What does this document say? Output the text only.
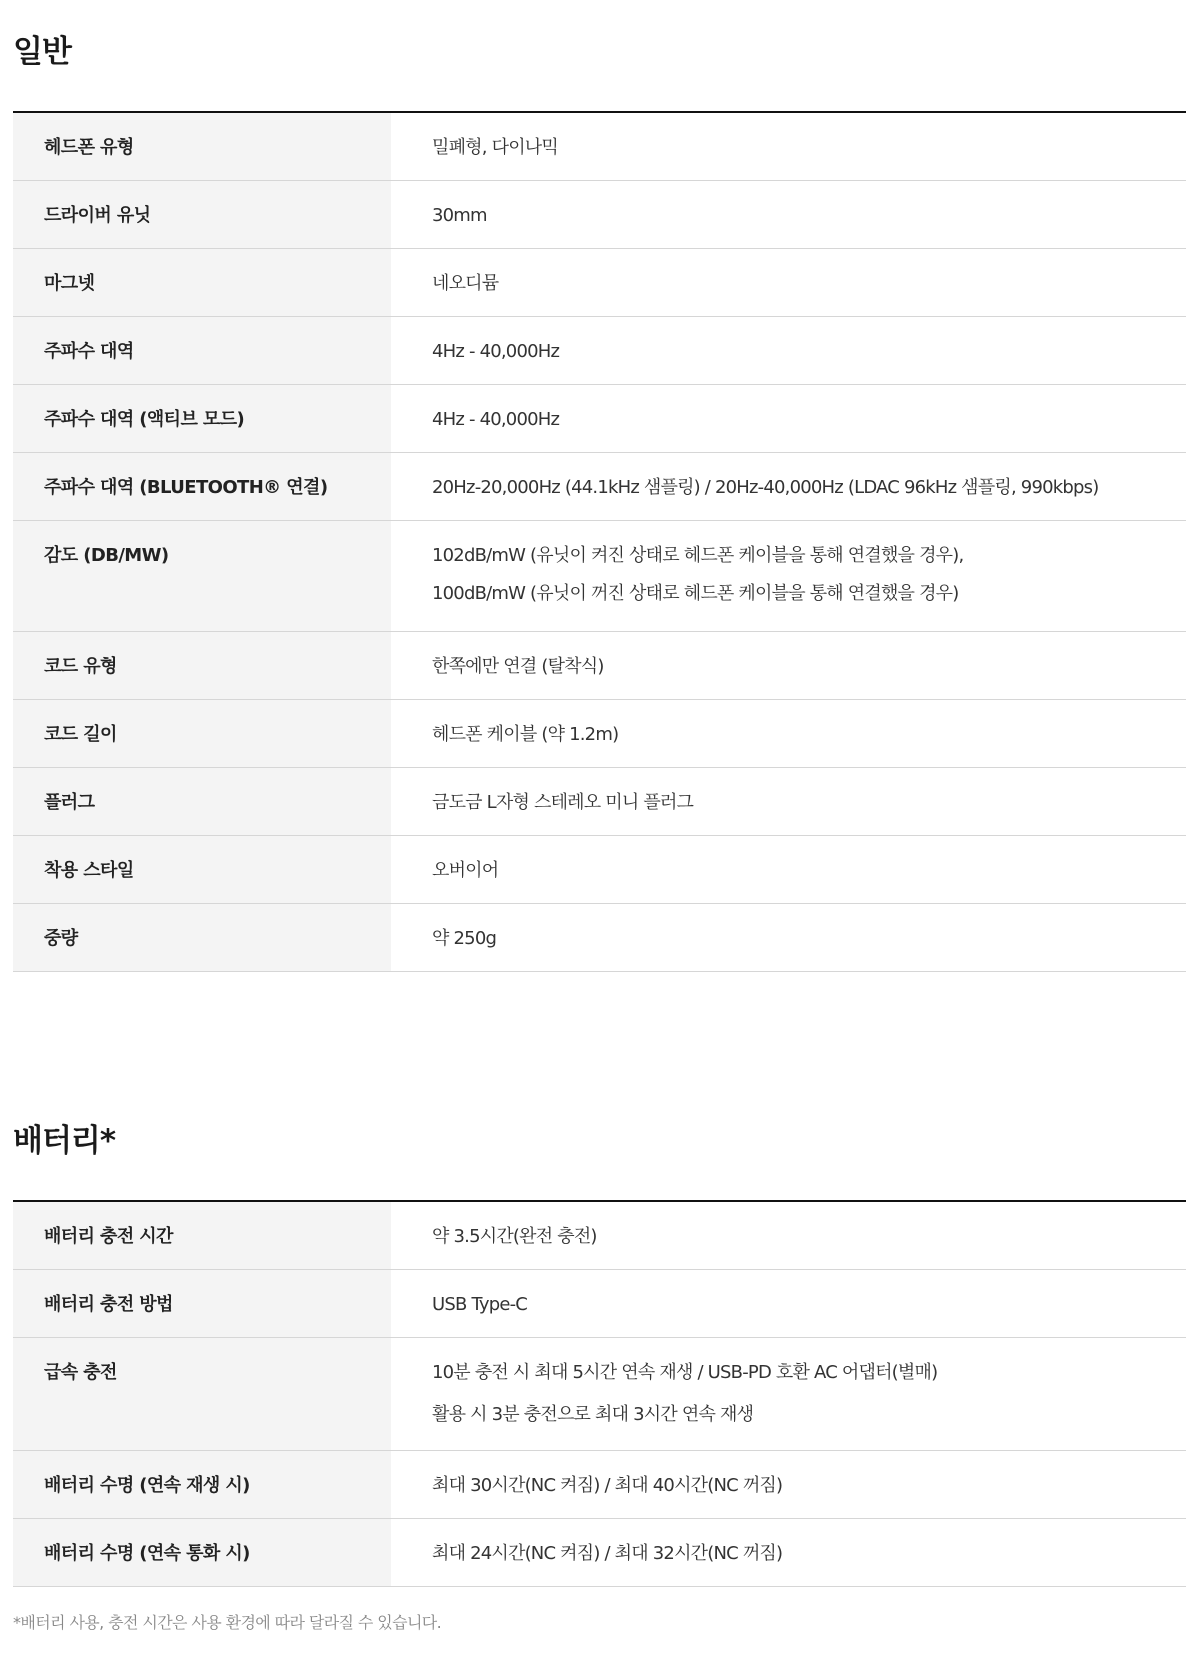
일반
헤드폰 유형	밀폐형, 다이나믹
드라이버 유닛	30mm
마그넷	네오디뮴
주파수 대역	4Hz - 40,000Hz
주파수 대역 (액티브 모드)	4Hz - 40,000Hz
주파수 대역 (BLUETOOTH® 연결)	20Hz-20,000Hz (44.1kHz 샘플링) / 20Hz-40,000Hz (LDAC 96kHz 샘플링, 990kbps)
감도 (DB/MW)	102dB/mW (유닛이 켜진 상태로 헤드폰 케이블을 통해 연결했을 경우),
100dB/mW (유닛이 꺼진 상태로 헤드폰 케이블을 통해 연결했을 경우)
코드 유형	한쪽에만 연결 (탈착식)
코드 길이	헤드폰 케이블 (약 1.2m)
플러그	금도금 L자형 스테레오 미니 플러그
착용 스타일	오버이어
중량	약 250g
배터리*
배터리 충전 시간	약 3.5시간(완전 충전)
배터리 충전 방법	USB Type-C
급속 충전	10분 충전 시 최대 5시간 연속 재생 / USB-PD 호환 AC 어댑터(별매)
활용 시 3분 충전으로 최대 3시간 연속 재생
배터리 수명 (연속 재생 시)	최대 30시간(NC 켜짐) / 최대 40시간(NC 꺼짐)
배터리 수명 (연속 통화 시)	최대 24시간(NC 켜짐) / 최대 32시간(NC 꺼짐)

*배터리 사용, 충전 시간은 사용 환경에 따라 달라질 수 있습니다.
